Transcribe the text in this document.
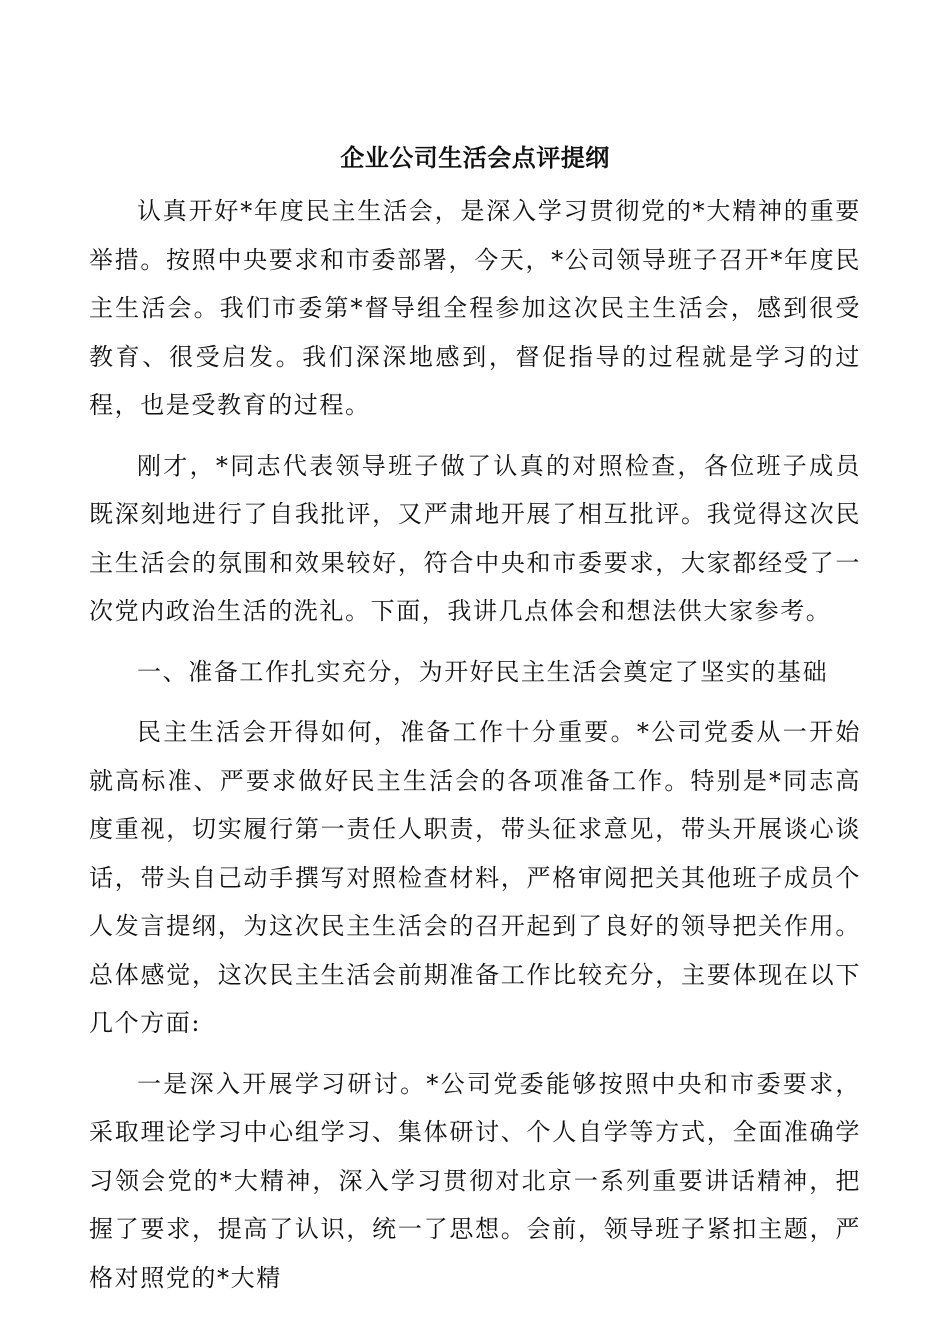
企业公司生活会点评提纲

认真开好*年度民主生活会，是深入学习贯彻党的*大精神的重要举措。按照中央要求和市委部署，今天，*公司领导班子召开*年度民主生活会。我们市委第*督导组全程参加这次民主生活会，感到很受教育、很受启发。我们深深地感到，督促指导的过程就是学习的过程，也是受教育的过程。

刚才，*同志代表领导班子做了认真的对照检查，各位班子成员既深刻地进行了自我批评，又严肃地开展了相互批评。我觉得这次民主生活会的氛围和效果较好，符合中央和市委要求，大家都经受了一次党内政治生活的洗礼。下面，我讲几点体会和想法供大家参考。

一、准备工作扎实充分，为开好民主生活会奠定了坚实的基础

民主生活会开得如何，准备工作十分重要。*公司党委从一开始就高标准、严要求做好民主生活会的各项准备工作。特别是*同志高度重视，切实履行第一责任人职责，带头征求意见，带头开展谈心谈话，带头自己动手撰写对照检查材料，严格审阅把关其他班子成员个人发言提纲，为这次民主生活会的召开起到了良好的领导把关作用。总体感觉，这次民主生活会前期准备工作比较充分，主要体现在以下几个方面:

一是深入开展学习研讨。*公司党委能够按照中央和市委要求，采取理论学习中心组学习、集体研讨、个人自学等方式，全面准确学习领会党的*大精神，深入学习贯彻对北京一系列重要讲话精神，把握了要求，提高了认识，统一了思想。会前，领导班子紧扣主题，严格对照党的*大精
